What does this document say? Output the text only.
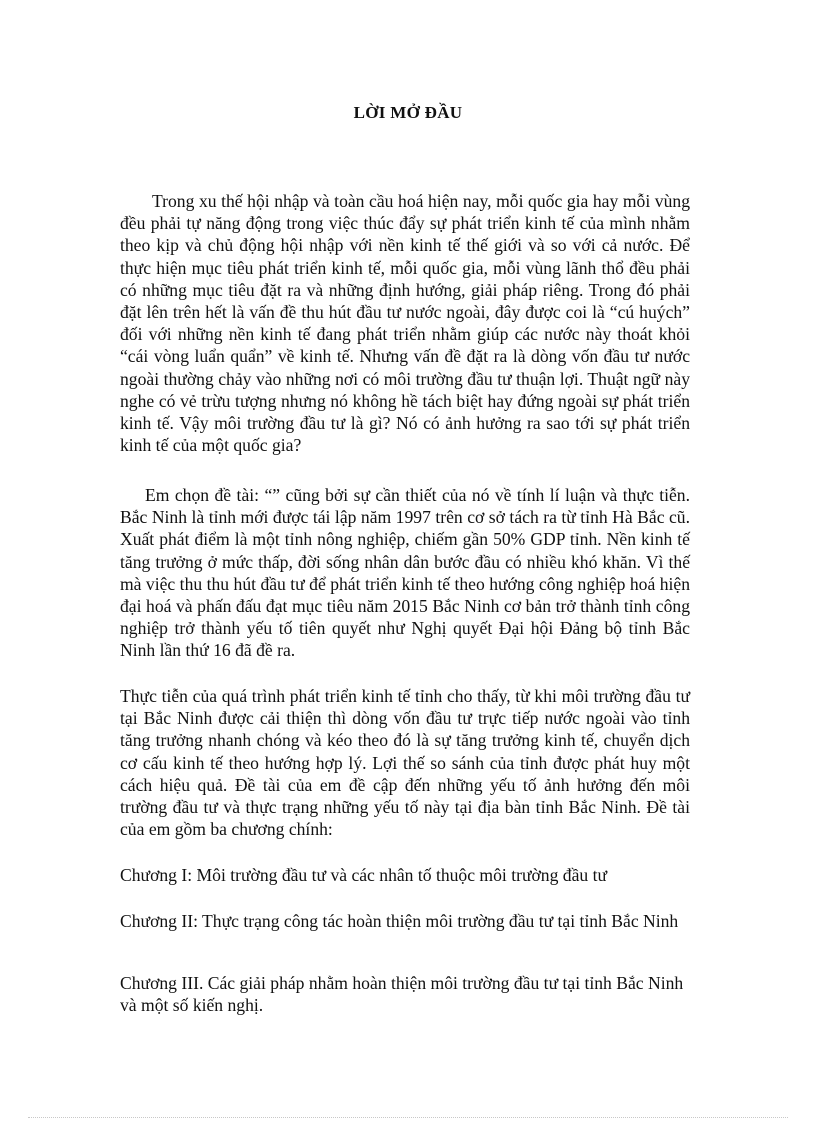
LỜI MỞ ĐẦU
Trong xu thế hội nhập và toàn cầu hoá hiện nay, mỗi quốc gia hay mỗi vùng đều phải tự năng động trong việc thúc đẩy sự phát triển kinh tế của mình nhằm theo kịp và chủ động hội nhập với nền kinh tế thế giới và so với cả nước. Để thực hiện mục tiêu phát triển kinh tế, mỗi quốc gia, mỗi vùng lãnh thổ đều phải có những mục tiêu đặt ra và những định hướng, giải pháp riêng. Trong đó phải đặt lên trên hết là vấn đề thu hút đầu tư nước ngoài, đây được coi là “cú huých” đối với những nền kinh tế đang phát triển nhằm giúp các nước này thoát khỏi “cái vòng luẩn quẩn” về kinh tế. Nhưng vấn đề đặt ra là dòng vốn đầu tư nước ngoài thường chảy vào những nơi có môi trường đầu tư thuận lợi. Thuật ngữ này nghe có vẻ trừu tượng nhưng nó không hề tách biệt hay đứng ngoài sự phát triển kinh tế. Vậy môi trường đầu tư là gì? Nó có ảnh hưởng ra sao tới sự phát triển kinh tế của một quốc gia?
Em chọn đề tài: “” cũng bởi sự cần thiết của nó về tính lí luận và thực tiễn. Bắc Ninh là tỉnh mới được tái lập năm 1997 trên cơ sở tách ra từ tỉnh Hà Bắc cũ. Xuất phát điểm là một tỉnh nông nghiệp, chiếm gần 50% GDP tỉnh. Nền kinh tế tăng trưởng ở mức thấp, đời sống nhân dân bước đầu có nhiều khó khăn. Vì thế mà việc thu thu hút đầu tư để phát triển kinh tế theo hướng công nghiệp hoá hiện đại hoá và phấn đấu đạt mục tiêu năm 2015 Bắc Ninh cơ bản trở thành tỉnh công nghiệp trở thành yếu tố tiên quyết như Nghị quyết Đại hội Đảng bộ tỉnh Bắc Ninh lần thứ 16 đã đề ra.
Thực tiễn của quá trình phát triển kinh tế tỉnh cho thấy, từ khi môi trường đầu tư tại Bắc Ninh được cải thiện thì dòng vốn đầu tư trực tiếp nước ngoài vào tỉnh tăng trưởng nhanh chóng và kéo theo đó là sự tăng trưởng kinh tế, chuyển dịch cơ cấu kinh tế theo hướng hợp lý. Lợi thế so sánh của tỉnh được phát huy một cách hiệu quả. Đề tài của em đề cập đến những yếu tố ảnh hưởng đến môi trường đầu tư và thực trạng những yếu tố này tại địa bàn tỉnh Bắc Ninh. Đề tài của em gồm ba chương chính:
Chương I: Môi trường đầu tư và các nhân tố thuộc môi trường đầu tư
Chương II: Thực trạng công tác hoàn thiện môi trường đầu tư tại tỉnh Bắc Ninh
Chương III. Các giải pháp nhằm hoàn thiện môi trường đầu tư tại tỉnh Bắc Ninh và một số kiến nghị.
